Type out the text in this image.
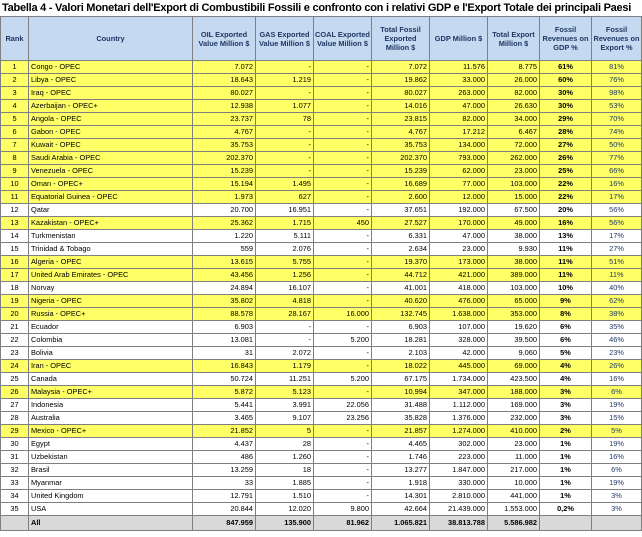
Tabella 4 - Valori Monetari dell'Export di Combustibili Fossili e confronto con i relativi GDP e l'Export Totale dei principali Paesi
Rank	Country	OIL Exported Value Million $	GAS Exported Value Million $	COAL Exported Value Million $	Total Fossil Exported Million $	GDP Million $	Total Export Million $	Fossil Revenues on GDP %	Fossil Revenues on Export %
1	Congo - OPEC	7.072	-	-	7.072	11.576	8.775	61%	81%
2	Libya - OPEC	18.643	1.219	-	19.862	33.000	26.000	60%	76%
3	Iraq - OPEC	80.027	-	-	80.027	263.000	82.000	30%	98%
4	Azerbaijan - OPEC+	12.938	1.077	-	14.016	47.000	26.630	30%	53%
5	Angola - OPEC	23.737	78	-	23.815	82.000	34.000	29%	70%
6	Gabon - OPEC	4.767	-	-	4.767	17.212	6.467	28%	74%
7	Kuwait - OPEC	35.753	-	-	35.753	134.000	72.000	27%	50%
8	Saudi Arabia - OPEC	202.370	-	-	202.370	793.000	262.000	26%	77%
9	Venezuela - OPEC	15.239	-	-	15.239	62.000	23.000	25%	66%
10	Oman - OPEC+	15.194	1.495	-	16.689	77.000	103.000	22%	16%
11	Equatorial Guinea - OPEC	1.973	627	-	2.600	12.000	15.000	22%	17%
12	Qatar	20.700	16.951	-	37.651	192.000	67.500	20%	56%
13	Kazakistan - OPEC+	25.362	1.715	450	27.527	170.000	49.000	16%	56%
14	Turkmenistan	1.220	5.111	-	6.331	47.000	38.000	13%	17%
15	Trinidad & Tobago	559	2.076	-	2.634	23.000	9.930	11%	27%
16	Algeria - OPEC	13.615	5.755	-	19.370	173.000	38.000	11%	51%
17	United Arab Emirates - OPEC	43.456	1.256	-	44.712	421.000	389.000	11%	11%
18	Norvay	24.894	16.107	-	41.001	418.000	103.000	10%	40%
19	Nigeria - OPEC	35.802	4.818	-	40.620	476.000	65.000	9%	62%
20	Russia - OPEC+	88.578	28.167	16.000	132.745	1.638.000	353.000	8%	38%
21	Ecuador	6.903	-	-	6.903	107.000	19.620	6%	35%
22	Colombia	13.081	-	5.200	18.281	328.000	39.500	6%	46%
23	Bolivia	31	2.072	-	2.103	42.000	9.060	5%	23%
24	Iran - OPEC	16.843	1.179	-	18.022	445.000	69.000	4%	26%
25	Canada	50.724	11.251	5.200	67.175	1.734.000	423.500	4%	16%
26	Malaysia - OPEC+	5.872	5.123	-	10.994	347.000	188.000	3%	6%
27	Indonesia	5.441	3.991	22.056	31.488	1.112.000	169.000	3%	19%
28	Australia	3.465	9.107	23.256	35.828	1.376.000	232.000	3%	15%
29	Mexico - OPEC+	21.852	5	-	21.857	1.274.000	410.000	2%	5%
30	Egypt	4.437	28	-	4.465	302.000	23.000	1%	19%
31	Uzbekistan	486	1.260	-	1.746	223.000	11.000	1%	16%
32	Brasil	13.259	18	-	13.277	1.847.000	217.000	1%	6%
33	Myanmar	33	1.885	-	1.918	330.000	10.000	1%	19%
34	United Kingdom	12.791	1.510	-	14.301	2.810.000	441.000	1%	3%
35	USA	20.844	12.020	9.800	42.664	21.439.000	1.553.000	0,2%	3%
	All	847.959	135.900	81.962	1.065.821	38.813.788	5.586.982		
